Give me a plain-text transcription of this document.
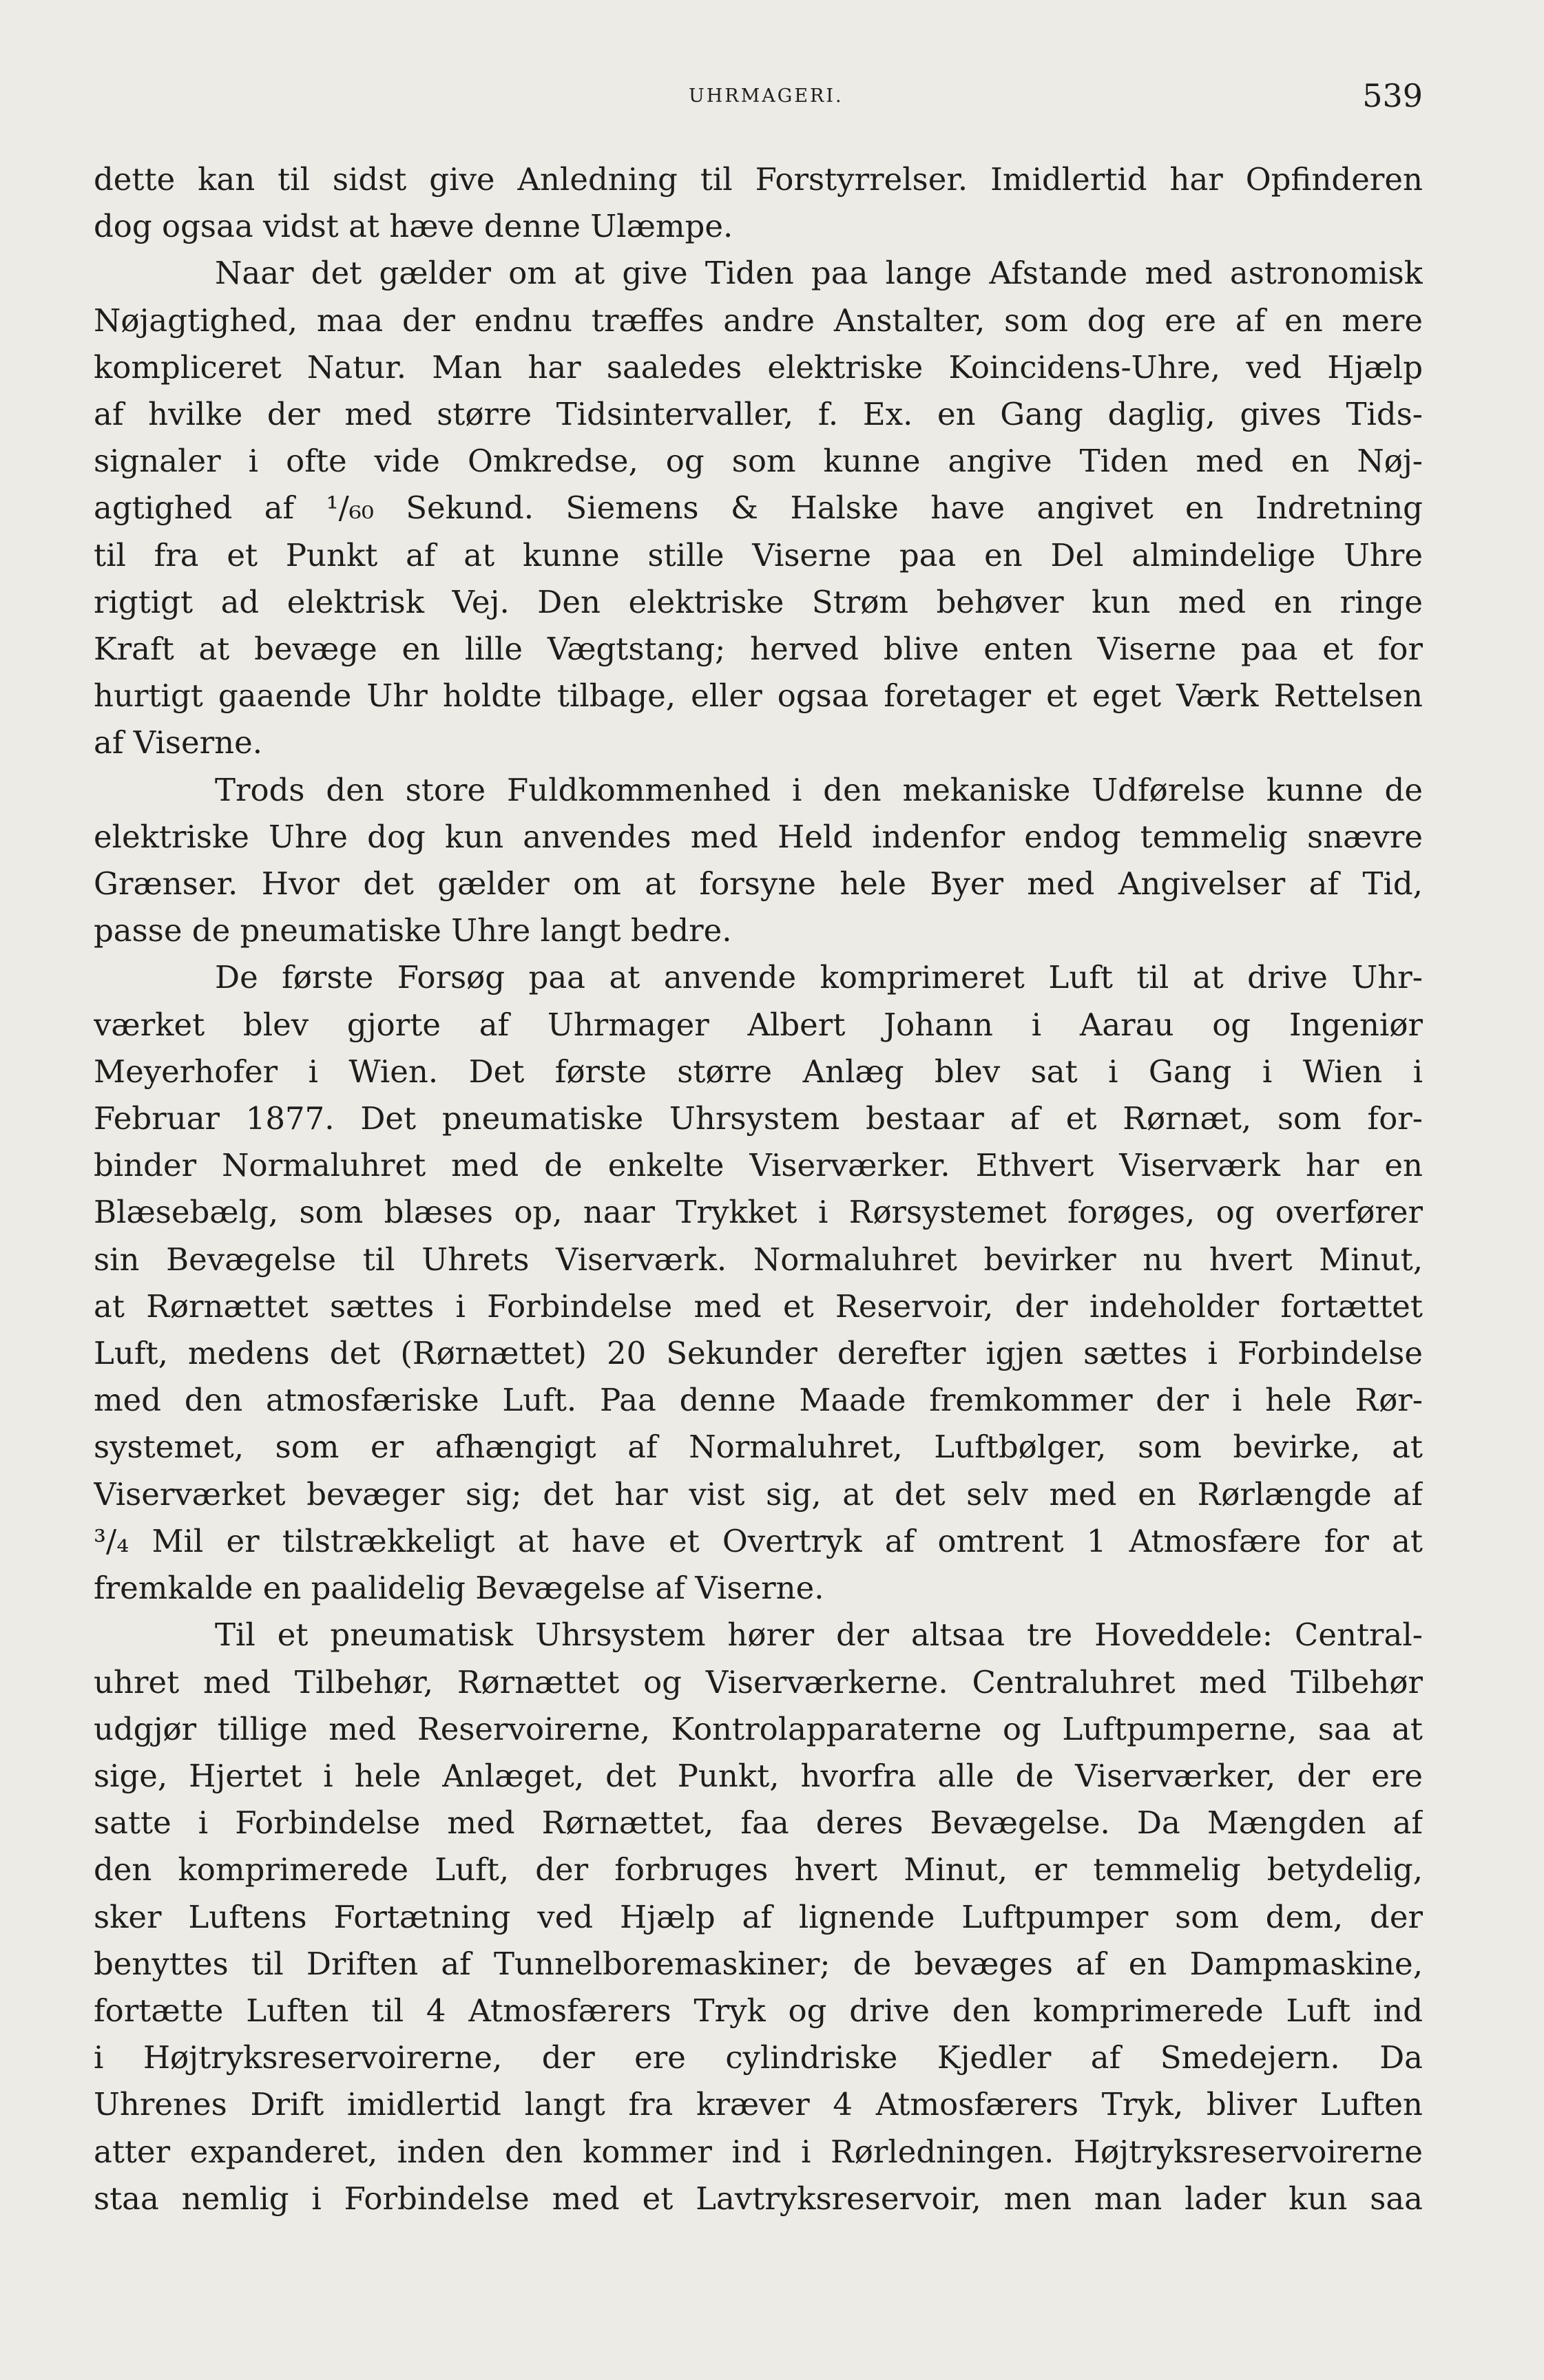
UHRMAGERI.	539

dette kan til sidst give Anledning til Forstyrrelser. Imidlertid har Opfinderen

dog ogsaa vidst at hæve denne Ulæmpe.

Naar det gælder om at give Tiden paa lange Afstande med astronomisk

Nøjagtighed, maa der endnu træffes andre Anstalter, som dog ere af en mere

kompliceret Natur. Man har saaledes elektriske Koincidens-Uhre, ved Hjælp

af hvilke der med større Tidsintervaller, f. Ex. en Gang daglig, gives Tids-

signaler i ofte vide Omkredse, og som kunne angive Tiden med en Nøj-

agtighed af ¹/₆₀ Sekund. Siemens & Halske have angivet en Indretning

til fra et Punkt af at kunne stille Viserne paa en Del almindelige Uhre

rigtigt ad elektrisk Vej. Den elektriske Strøm behøver kun med en ringe

Kraft at bevæge en lille Vægtstang; herved blive enten Viserne paa et for

hurtigt gaaende Uhr holdte tilbage, eller ogsaa foretager et eget Værk Rettelsen

af Viserne.

Trods den store Fuldkommenhed i den mekaniske Udførelse kunne de

elektriske Uhre dog kun anvendes med Held indenfor endog temmelig snævre

Grænser. Hvor det gælder om at forsyne hele Byer med Angivelser af Tid,

passe de pneumatiske Uhre langt bedre.

De første Forsøg paa at anvende komprimeret Luft til at drive Uhr-

værket blev gjorte af Uhrmager Albert Johann i Aarau og Ingeniør

Meyerhofer i Wien. Det første større Anlæg blev sat i Gang i Wien i

Februar 1877. Det pneumatiske Uhrsystem bestaar af et Rørnæt, som for-

binder Normaluhret med de enkelte Viserværker. Ethvert Viserværk har en

Blæsebælg, som blæses op, naar Trykket i Rørsystemet forøges, og overfører

sin Bevægelse til Uhrets Viserværk. Normaluhret bevirker nu hvert Minut,

at Rørnættet sættes i Forbindelse med et Reservoir, der indeholder fortættet

Luft, medens det (Rørnættet) 20 Sekunder derefter igjen sættes i Forbindelse

med den atmosfæriske Luft. Paa denne Maade fremkommer der i hele Rør-

systemet, som er afhængigt af Normaluhret, Luftbølger, som bevirke, at

Viserværket bevæger sig; det har vist sig, at det selv med en Rørlængde af

³/₄ Mil er tilstrækkeligt at have et Overtryk af omtrent 1 Atmosfære for at

fremkalde en paalidelig Bevægelse af Viserne.

Til et pneumatisk Uhrsystem hører der altsaa tre Hoveddele: Central-

uhret med Tilbehør, Rørnættet og Viserværkerne. Centraluhret med Tilbehør

udgjør tillige med Reservoirerne, Kontrolapparaterne og Luftpumperne, saa at

sige, Hjertet i hele Anlæget, det Punkt, hvorfra alle de Viserværker, der ere

satte i Forbindelse med Rørnættet, faa deres Bevægelse. Da Mængden af

den komprimerede Luft, der forbruges hvert Minut, er temmelig betydelig,

sker Luftens Fortætning ved Hjælp af lignende Luftpumper som dem, der

benyttes til Driften af Tunnelboremaskiner; de bevæges af en Dampmaskine,

fortætte Luften til 4 Atmosfærers Tryk og drive den komprimerede Luft ind

i Højtryksreservoirerne, der ere cylindriske Kjedler af Smedejern. Da

Uhrenes Drift imidlertid langt fra kræver 4 Atmosfærers Tryk, bliver Luften

atter expanderet, inden den kommer ind i Rørledningen. Højtryksreservoirerne

staa nemlig i Forbindelse med et Lavtryksreservoir, men man lader kun saa
